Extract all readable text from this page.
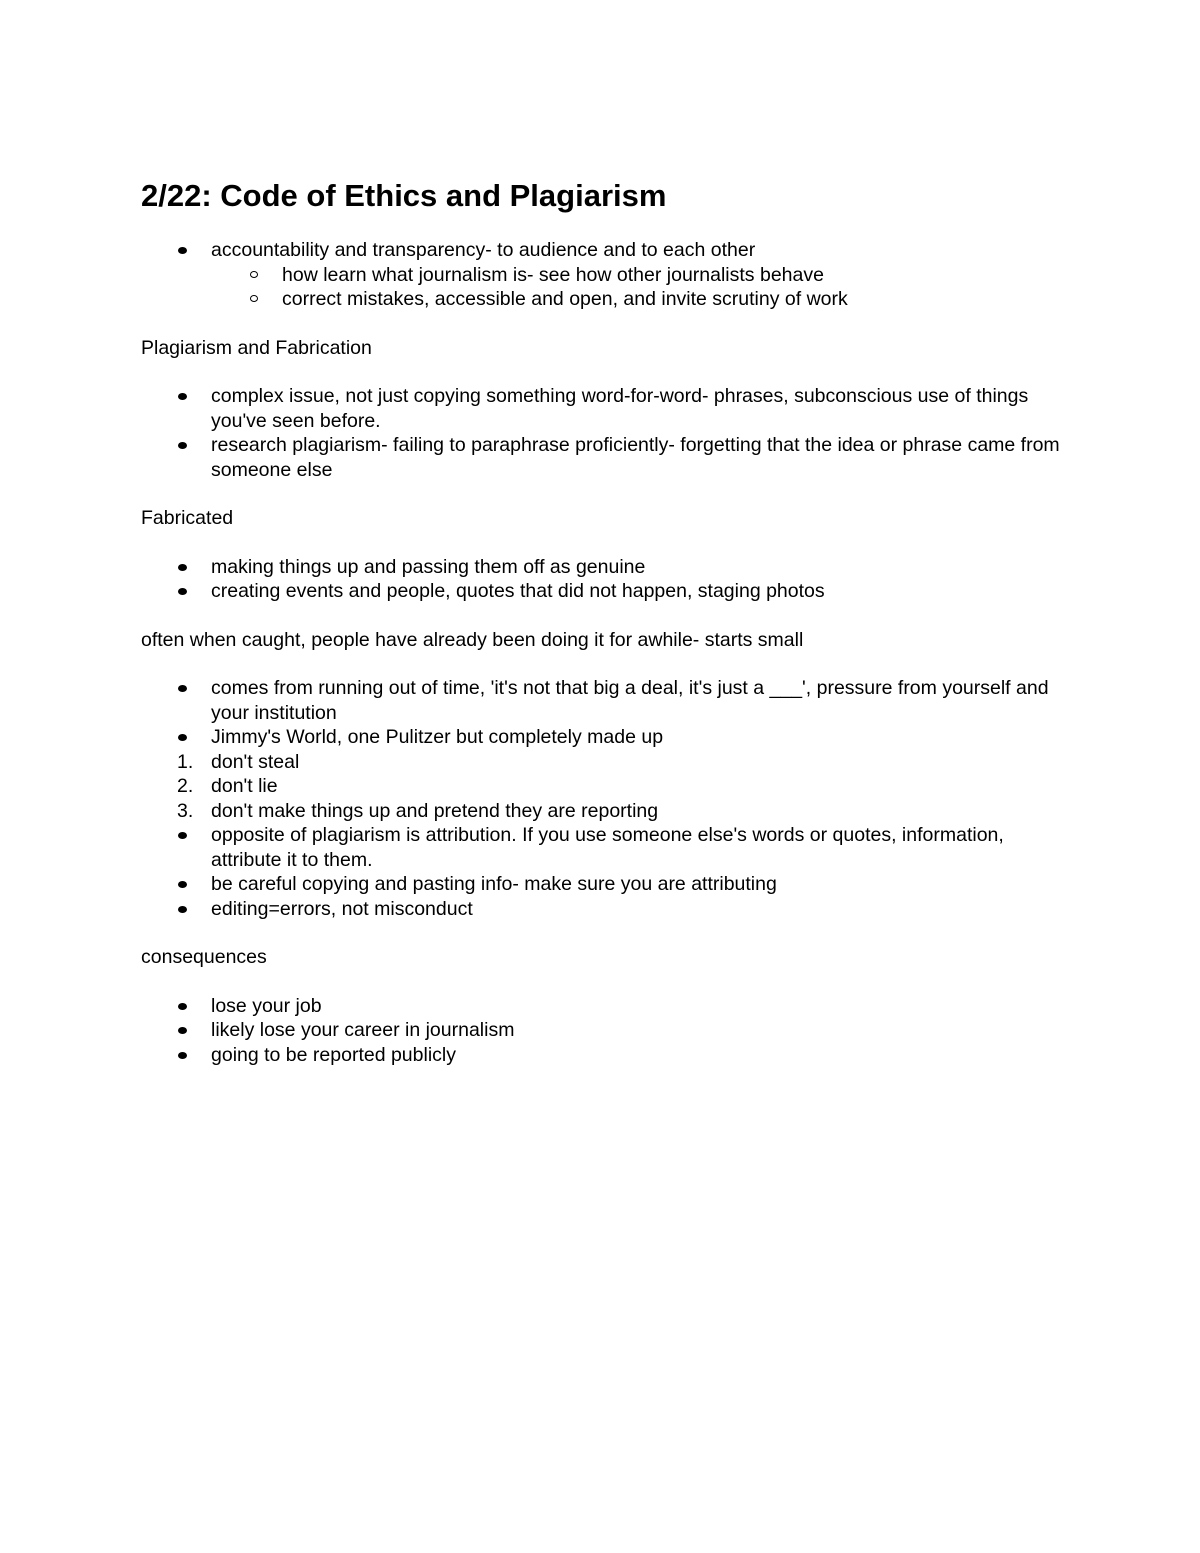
2/22: Code of Ethics and Plagiarism
accountability and transparency- to audience and to each other
how learn what journalism is- see how other journalists behave
correct mistakes, accessible and open, and invite scrutiny of work
Plagiarism and Fabrication
complex issue, not just copying something word-for-word- phrases, subconscious use of things you've seen before.
research plagiarism- failing to paraphrase proficiently- forgetting that the idea or phrase came from someone else
Fabricated
making things up and passing them off as genuine
creating events and people, quotes that did not happen, staging photos
often when caught, people have already been doing it for awhile- starts small
comes from running out of time, 'it's not that big a deal, it's just a ___', pressure from yourself and your institution
Jimmy's World, one Pulitzer but completely made up
1. don't steal
2. don't lie
3. don't make things up and pretend they are reporting
opposite of plagiarism is attribution. If you use someone else's words or quotes, information, attribute it to them.
be careful copying and pasting info- make sure you are attributing
editing=errors, not misconduct
consequences
lose your job
likely lose your career in journalism
going to be reported publicly
